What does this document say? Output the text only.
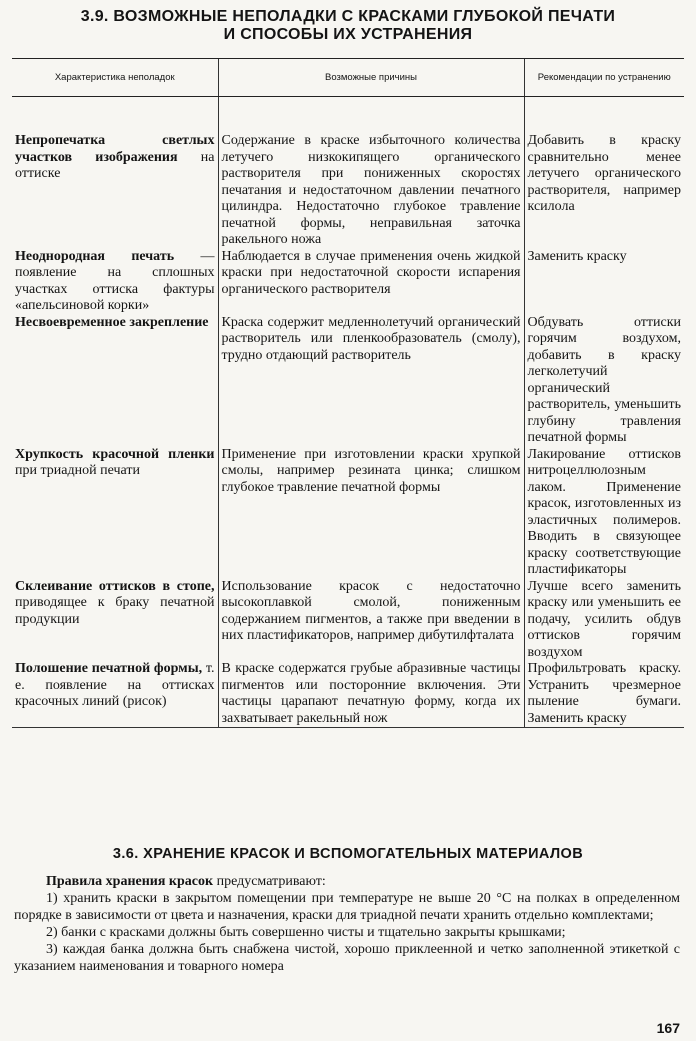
3.9. ВОЗМОЖНЫЕ НЕПОЛАДКИ С КРАСКАМИ ГЛУБОКОЙ ПЕЧАТИ
И СПОСОБЫ ИХ УСТРАНЕНИЯ
Характеристика неполадок	Возможные причины	Рекомендации по устранению

Непропечатка светлых участков изображения на оттиске	Содержание в краске избыточного количества летучего низкокипящего органического растворителя при пониженных скоростях печатания и недостаточном давлении печатного цилиндра. Недостаточно глубокое травление печатной формы, неправильная заточка ракельного ножа	Добавить в краску сравнительно менее летучего органического растворителя, например ксилола
Неоднородная печать — появление на сплошных участках оттиска фактуры «апельсиновой корки»	Наблюдается в случае применения очень жидкой краски при недостаточной скорости испарения органического растворителя	Заменить краску
Несвоевременное закрепление	Краска содержит медленнолетучий органический растворитель или пленкообразователь (смолу), трудно отдающий растворитель	Обдувать оттиски горячим воздухом, добавить в краску легколетучий органический растворитель, уменьшить глубину травления печатной формы
Хрупкость красочной пленки при триадной печати	Применение при изготовлении краски хрупкой смолы, например резината цинка; слишком глубокое травление печатной формы	Лакирование оттисков нитроцеллюлозным лаком. Применение красок, изготовленных из эластичных полимеров. Вводить в связующее краску соответствующие пластификаторы
Склеивание оттисков в стопе, приводящее к браку печатной продукции	Использование красок с недостаточно высокоплавкой смолой, пониженным содержанием пигментов, а также при введении в них пластификаторов, например дибутилфталата	Лучше всего заменить краску или уменьшить ее подачу, усилить обдув оттисков горячим воздухом
Полошение печатной формы, т. е. появление на оттисках красочных линий (рисок)	В краске содержатся грубые абразивные частицы пигментов или посторонние включения. Эти частицы царапают печатную форму, когда их захватывает ракельный нож	Профильтровать краску. Устранить чрезмерное пыление бумаги. Заменить краску
3.6. ХРАНЕНИЕ КРАСОК И ВСПОМОГАТЕЛЬНЫХ МАТЕРИАЛОВ

Правила хранения красок предусматривают:

1) хранить краски в закрытом помещении при температуре не выше 20 °С на полках в определенном порядке в зависимости от цвета и назначения, краски для триадной печати хранить отдельно комплектами;

2) банки с красками должны быть совершенно чисты и тщательно закрыты крышками;

3) каждая банка должна быть снабжена чистой, хорошо приклеенной и четко заполненной этикеткой с указанием наименования и товарного номера

167
